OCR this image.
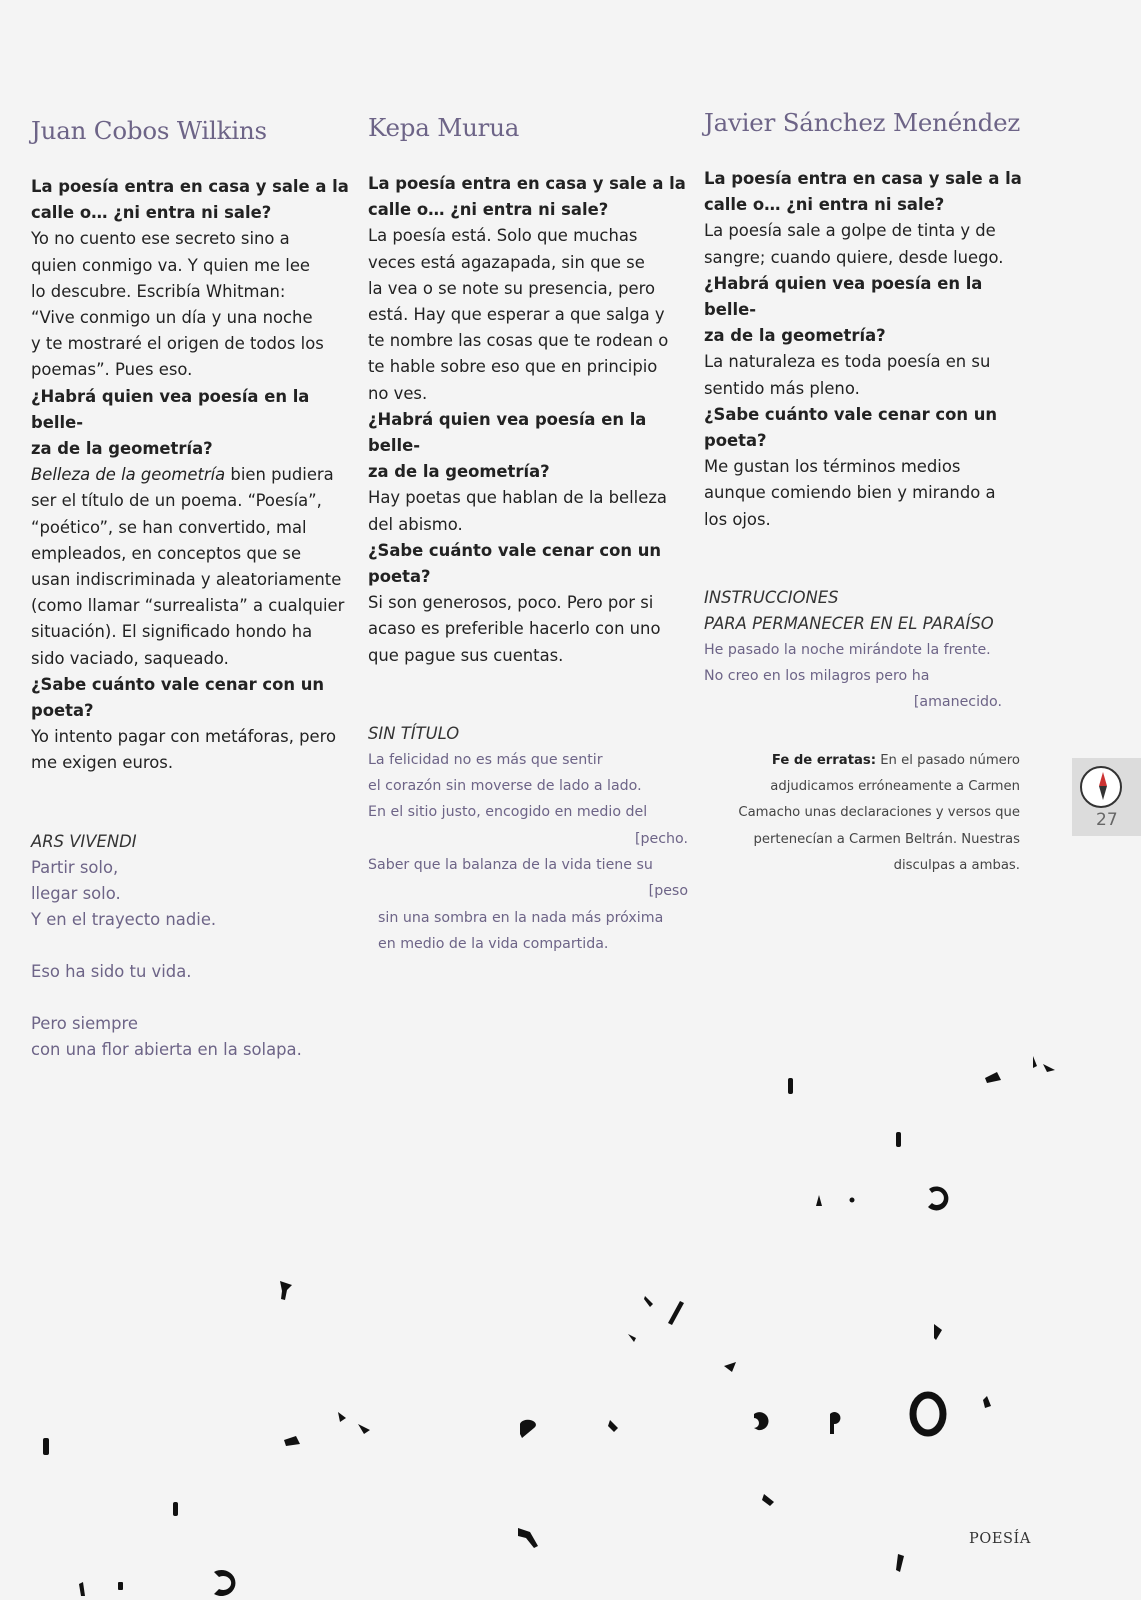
Juan Cobos Wilkins

La poesía entra en casa y sale a la

calle o… ¿ni entra ni sale?

Yo no cuento ese secreto sino a

quien conmigo va. Y quien me lee

lo descubre. Escribía Whitman:

“Vive conmigo un día y una noche

y te mostraré el origen de todos los

poemas”. Pues eso.

¿Habrá quien vea poesía en la belle-

za de la geometría?

Belleza de la geometría bien pudiera

ser el título de un poema. “Poesía”,

“poético”, se han convertido, mal

empleados, en conceptos que se

usan indiscriminada y aleatoriamente

(como llamar “surrealista” a cualquier

situación). El significado hondo ha

sido vaciado, saqueado.

¿Sabe cuánto vale cenar con un

poeta?

Yo intento pagar con metáforas, pero

me exigen euros.

ARS VIVENDI

Partir solo,

llegar solo.

Y en el trayecto nadie.

Eso ha sido tu vida.

Pero siempre

con una flor abierta en la solapa.

Kepa Murua

La poesía entra en casa y sale a la

calle o… ¿ni entra ni sale?

La poesía está. Solo que muchas

veces está agazapada, sin que se

la vea o se note su presencia, pero

está. Hay que esperar a que salga y

te nombre las cosas que te rodean o

te hable sobre eso que en principio

no ves.

¿Habrá quien vea poesía en la belle-

za de la geometría?

Hay poetas que hablan de la belleza

del abismo.

¿Sabe cuánto vale cenar con un

poeta?

Si son generosos, poco. Pero por si

acaso es preferible hacerlo con uno

que pague sus cuentas.

SIN TÍTULO

La felicidad no es más que sentir

el corazón sin moverse de lado a lado.

En el sitio justo, encogido en medio del

[pecho.

Saber que la balanza de la vida tiene su

[peso

sin una sombra en la nada más próxima

en medio de la vida compartida.

Javier Sánchez Menéndez

La poesía entra en casa y sale a la

calle o… ¿ni entra ni sale?

La poesía sale a golpe de tinta y de

sangre; cuando quiere, desde luego.

¿Habrá quien vea poesía en la belle-

za de la geometría?

La naturaleza es toda poesía en su

sentido más pleno.

¿Sabe cuánto vale cenar con un

poeta?

Me gustan los términos medios

aunque comiendo bien y mirando a

los ojos.

INSTRUCCIONES

PARA PERMANECER EN EL PARAÍSO

He pasado la noche mirándote la frente.

No creo en los milagros pero ha

[amanecido.

Fe de erratas: En el pasado número
adjudicamos erróneamente a Carmen
Camacho unas declaraciones y versos que
pertenecían a Carmen Beltrán. Nuestras
disculpas a ambas.
27
POESÍA
